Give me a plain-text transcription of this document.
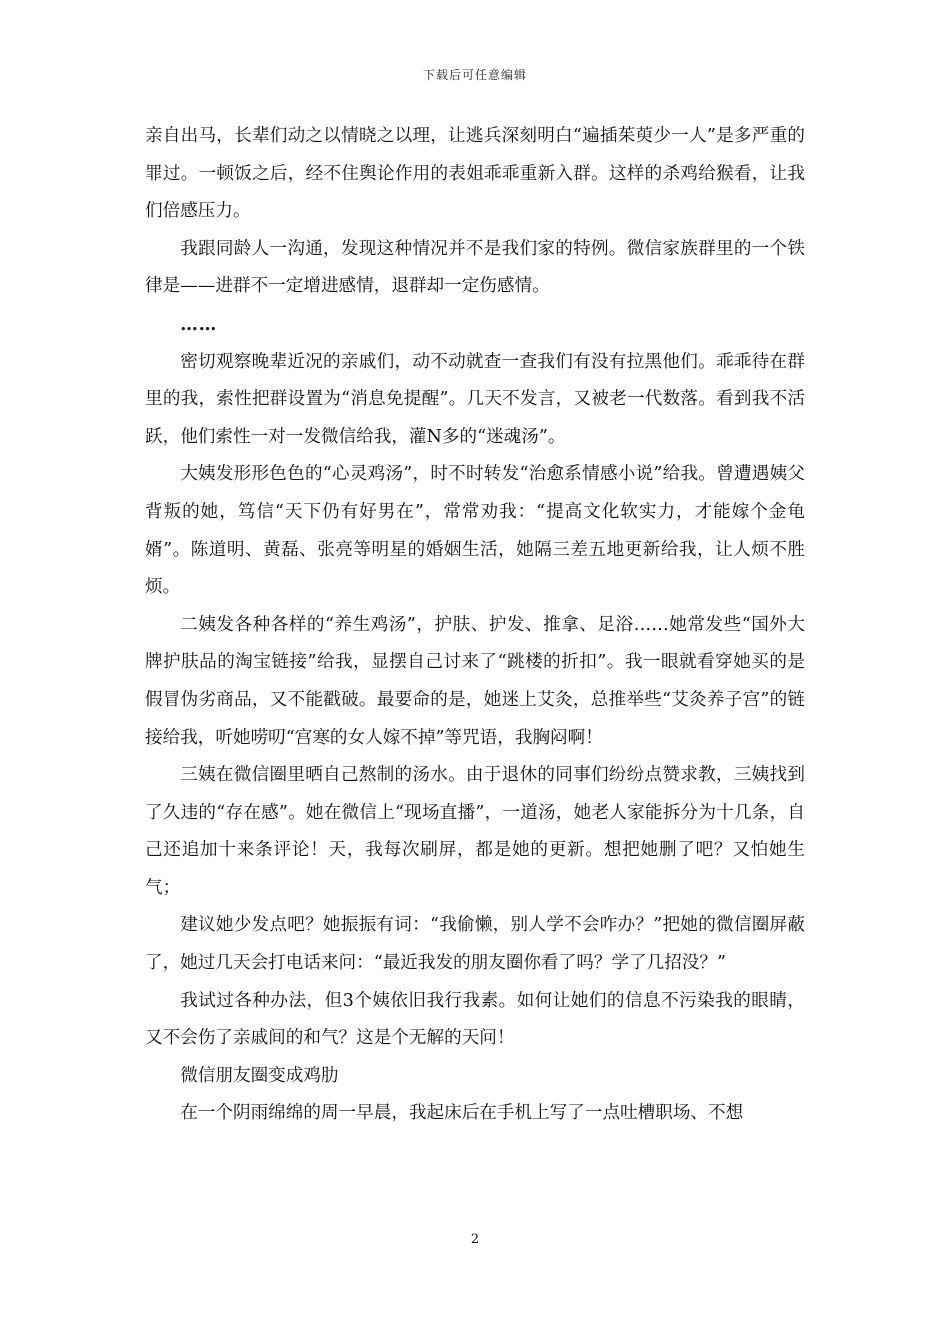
下载后可任意编辑

亲自出马，长辈们动之以情晓之以理，让逃兵深刻明白“遍插茱萸少一人”是多严重的罪过。一顿饭之后，经不住舆论作用的表姐乖乖重新入群。这样的杀鸡给猴看，让我们倍感压力。

我跟同龄人一沟通，发现这种情况并不是我们家的特例。微信家族群里的一个铁律是——进群不一定增进感情，退群却一定伤感情。

……

密切观察晚辈近况的亲戚们，动不动就查一查我们有没有拉黑他们。乖乖待在群里的我，索性把群设置为“消息免提醒”。几天不发言，又被老一代数落。看到我不活跃，他们索性一对一发微信给我，灌N多的“迷魂汤”。

大姨发形形色色的“心灵鸡汤”，时不时转发“治愈系情感小说”给我。曾遭遇姨父背叛的她，笃信“天下仍有好男在”，常常劝我：“提高文化软实力，才能嫁个金龟婿”。陈道明、黄磊、张亮等明星的婚姻生活，她隔三差五地更新给我，让人烦不胜烦。

二姨发各种各样的“养生鸡汤”，护肤、护发、推拿、足浴……她常发些“国外大牌护肤品的淘宝链接”给我，显摆自己讨来了“跳楼的折扣”。我一眼就看穿她买的是假冒伪劣商品，又不能戳破。最要命的是，她迷上艾灸，总推举些“艾灸养子宫”的链接给我，听她唠叨“宫寒的女人嫁不掉”等咒语，我胸闷啊！

三姨在微信圈里晒自己熬制的汤水。由于退休的同事们纷纷点赞求教，三姨找到了久违的“存在感”。她在微信上“现场直播”，一道汤，她老人家能拆分为十几条，自己还追加十来条评论！天，我每次刷屏，都是她的更新。想把她删了吧？又怕她生气；

建议她少发点吧？她振振有词：“我偷懒，别人学不会咋办？”把她的微信圈屏蔽了，她过几天会打电话来问：“最近我发的朋友圈你看了吗？学了几招没？”

我试过各种办法，但3个姨依旧我行我素。如何让她们的信息不污染我的眼睛，又不会伤了亲戚间的和气？这是个无解的天问！

微信朋友圈变成鸡肋

在一个阴雨绵绵的周一早晨，我起床后在手机上写了一点吐槽职场、不想

2
